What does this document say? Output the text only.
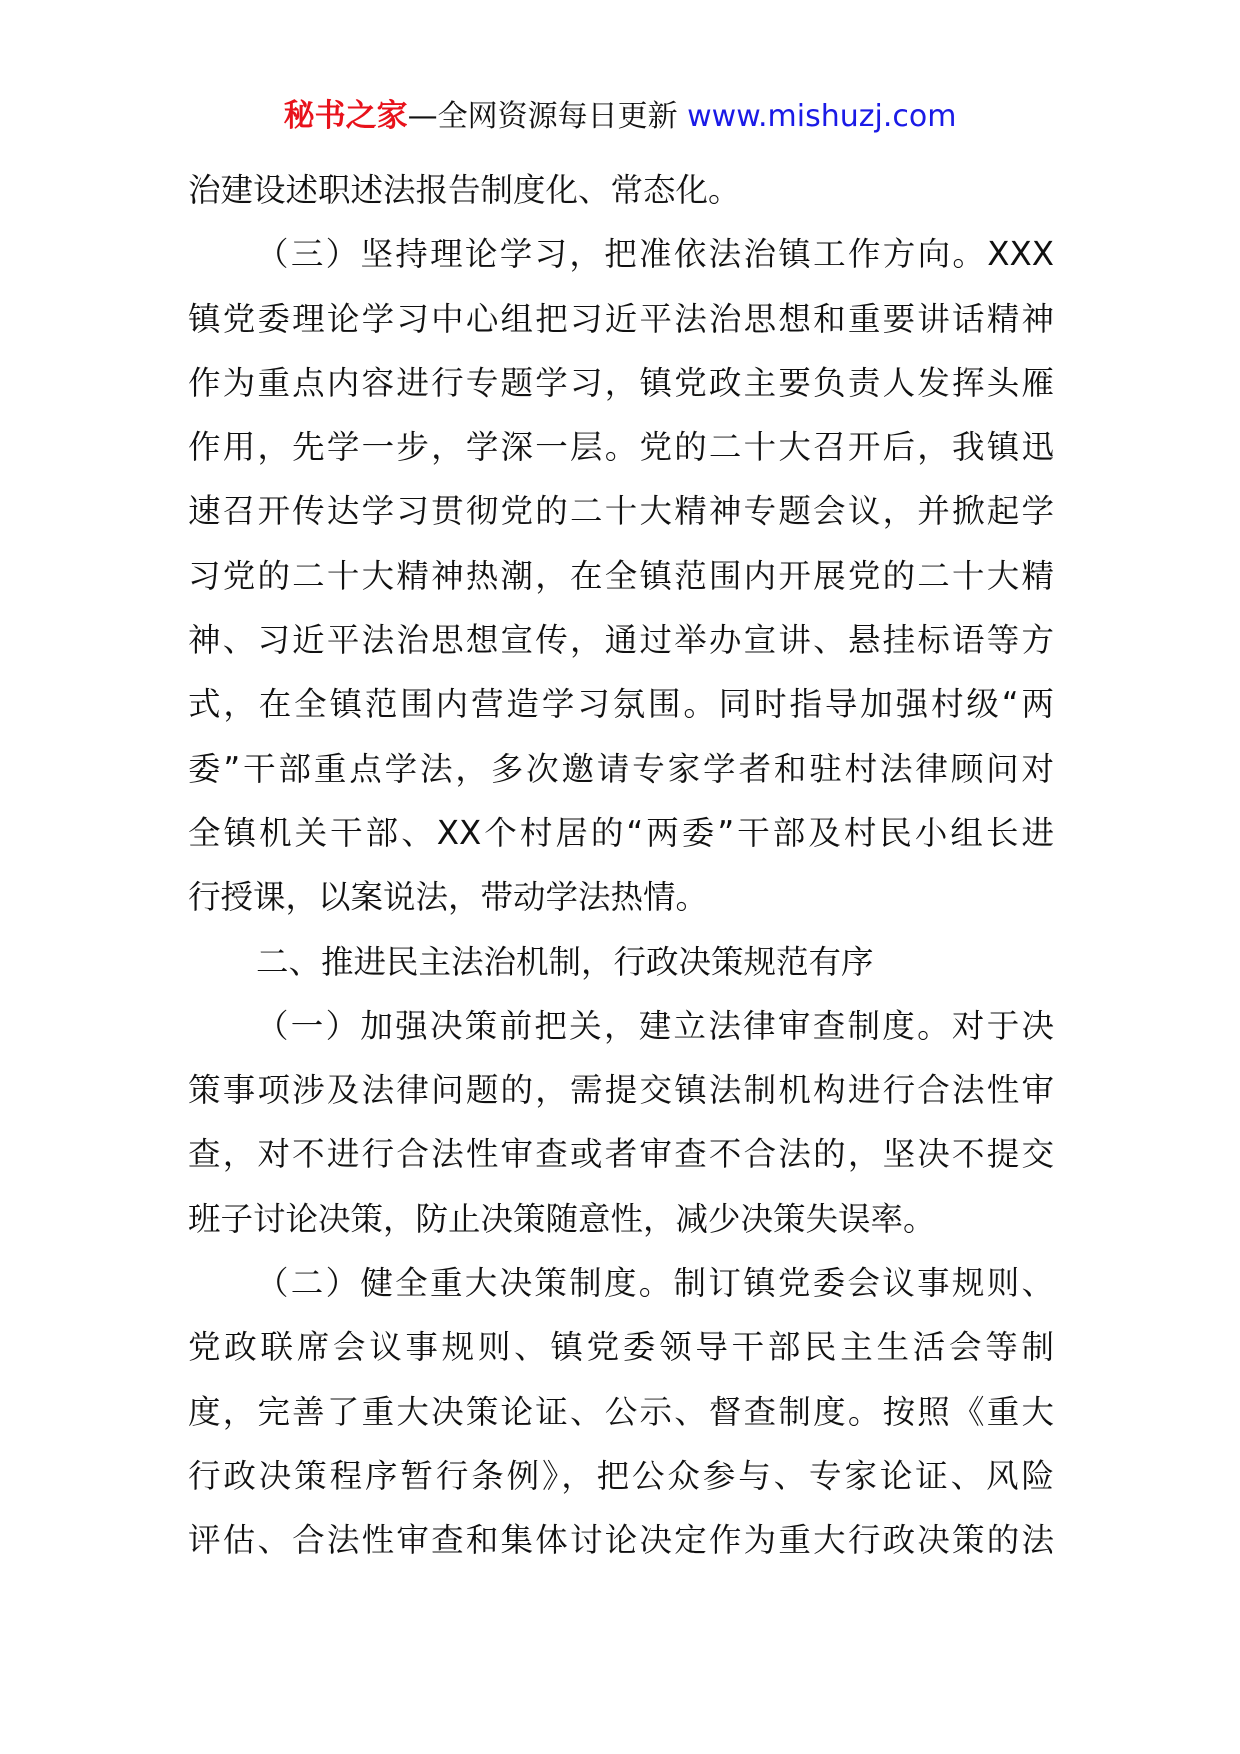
秘书之家—全网资源每日更新 www.mishuzj.com
治建设述职述法报告制度化、常态化。
（三）坚持理论学习，把准依法治镇工作方向。XXX
镇党委理论学习中心组把习近平法治思想和重要讲话精神
作为重点内容进行专题学习，镇党政主要负责人发挥头雁
作用，先学一步，学深一层。党的二十大召开后，我镇迅
速召开传达学习贯彻党的二十大精神专题会议，并掀起学
习党的二十大精神热潮，在全镇范围内开展党的二十大精
神、习近平法治思想宣传，通过举办宣讲、悬挂标语等方
式，在全镇范围内营造学习氛围。同时指导加强村级“两
委”干部重点学法，多次邀请专家学者和驻村法律顾问对
全镇机关干部、XX个村居的“两委”干部及村民小组长进
行授课，以案说法，带动学法热情。
二、推进民主法治机制，行政决策规范有序
（一）加强决策前把关，建立法律审查制度。对于决
策事项涉及法律问题的，需提交镇法制机构进行合法性审
查，对不进行合法性审查或者审查不合法的，坚决不提交
班子讨论决策，防止决策随意性，减少决策失误率。
（二）健全重大决策制度。制订镇党委会议事规则、
党政联席会议事规则、镇党委领导干部民主生活会等制
度，完善了重大决策论证、公示、督查制度。按照《重大
行政决策程序暂行条例》，把公众参与、专家论证、风险
评估、合法性审查和集体讨论决定作为重大行政决策的法
